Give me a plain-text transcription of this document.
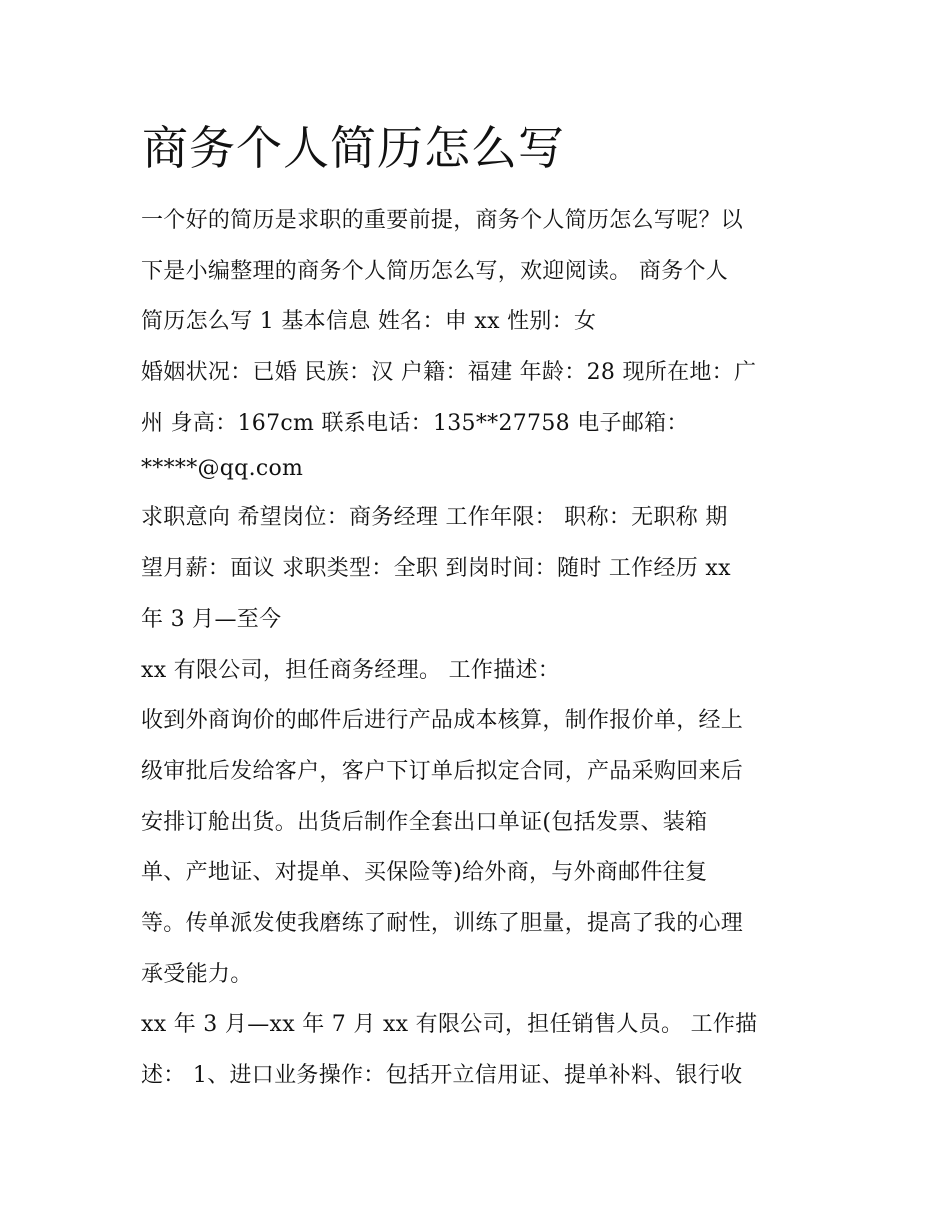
商务个人简历怎么写

一个好的简历是求职的重要前提，商务个人简历怎么写呢？以

下是小编整理的商务个人简历怎么写，欢迎阅读。 商务个人

简历怎么写 1 基本信息 姓名：申 xx 性别：女

婚姻状况：已婚 民族：汉 户籍：福建 年龄：28 现所在地：广

州 身高：167cm 联系电话：135**27758 电子邮箱：

*****@qq.com

求职意向 希望岗位：商务经理 工作年限： 职称：无职称 期

望月薪：面议 求职类型：全职 到岗时间：随时 工作经历 xx

年 3 月—至今

xx 有限公司，担任商务经理。 工作描述：

收到外商询价的邮件后进行产品成本核算，制作报价单，经上

级审批后发给客户，客户下订单后拟定合同，产品采购回来后

安排订舱出货。出货后制作全套出口单证(包括发票、装箱

单、产地证、对提单、买保险等)给外商，与外商邮件往复

等。传单派发使我磨练了耐性，训练了胆量，提高了我的心理

承受能力。

xx 年 3 月—xx 年 7 月 xx 有限公司，担任销售人员。 工作描

述： 1、进口业务操作：包括开立信用证、提单补料、银行收
